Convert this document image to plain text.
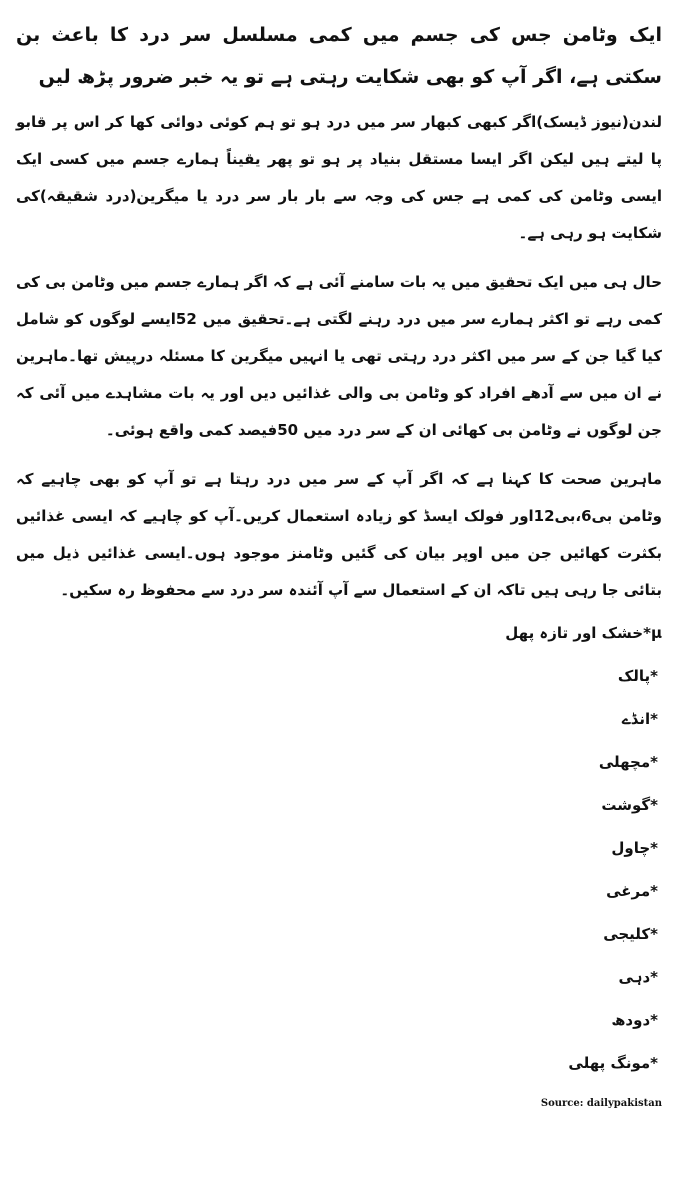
ایک وٹامن جس کی جسم میں کمی مسلسل سر درد کا باعث بن سکتی ہے، اگر آپ کو بھی شکایت رہتی ہے تو یہ خبر ضرور پڑھ لیں

لندن(نیوز ڈیسک)اگر کبھی کبھار سر میں درد ہو تو ہم کوئی دوائی کھا کر اس پر قابو پا لیتے ہیں لیکن اگر ایسا مستقل بنیاد پر ہو تو پھر یقیناً ہمارے جسم میں کسی ایک ایسی وٹامن کی کمی ہے جس کی وجہ سے بار بار سر درد یا میگرین(درد شقیقہ)کی شکایت ہو رہی ہے۔

حال ہی میں ایک تحقیق میں یہ بات سامنے آئی ہے کہ اگر ہمارے جسم میں وٹامن بی کی کمی رہے تو اکثر ہمارے سر میں درد رہنے لگتی ہے۔تحقیق میں 52ایسے لوگوں کو شامل کیا گیا جن کے سر میں اکثر درد رہتی تھی یا انہیں میگرین کا مسئلہ درپیش تھا۔ماہرین نے ان میں سے آدھے افراد کو وٹامن بی والی غذائیں دیں اور یہ بات مشاہدے میں آئی کہ جن لوگوں نے وٹامن بی کھائی ان کے سر درد میں 50فیصد کمی واقع ہوئی۔

ماہرین صحت کا کہنا ہے کہ اگر آپ کے سر میں درد رہتا ہے تو آپ کو بھی چاہیے کہ وٹامن بی6،بی12اور فولک ایسڈ کو زیادہ استعمال کریں۔آپ کو چاہیے کہ ایسی غذائیں بکثرت کھائیں جن میں اوپر بیان کی گئیں وٹامنز موجود ہوں۔ایسی غذائیں ذیل میں بتائی جا رہی ہیں تاکہ ان کے استعمال سے آپ آئندہ سر درد سے محفوظ رہ سکیں۔

µ*خشک اور تازہ پھل
*پالک
*انڈے
*مچھلی
*گوشت
*چاول
*مرغی
*کلیجی
*دہی
*دودھ
*مونگ پھلی
Source: dailypakistan
